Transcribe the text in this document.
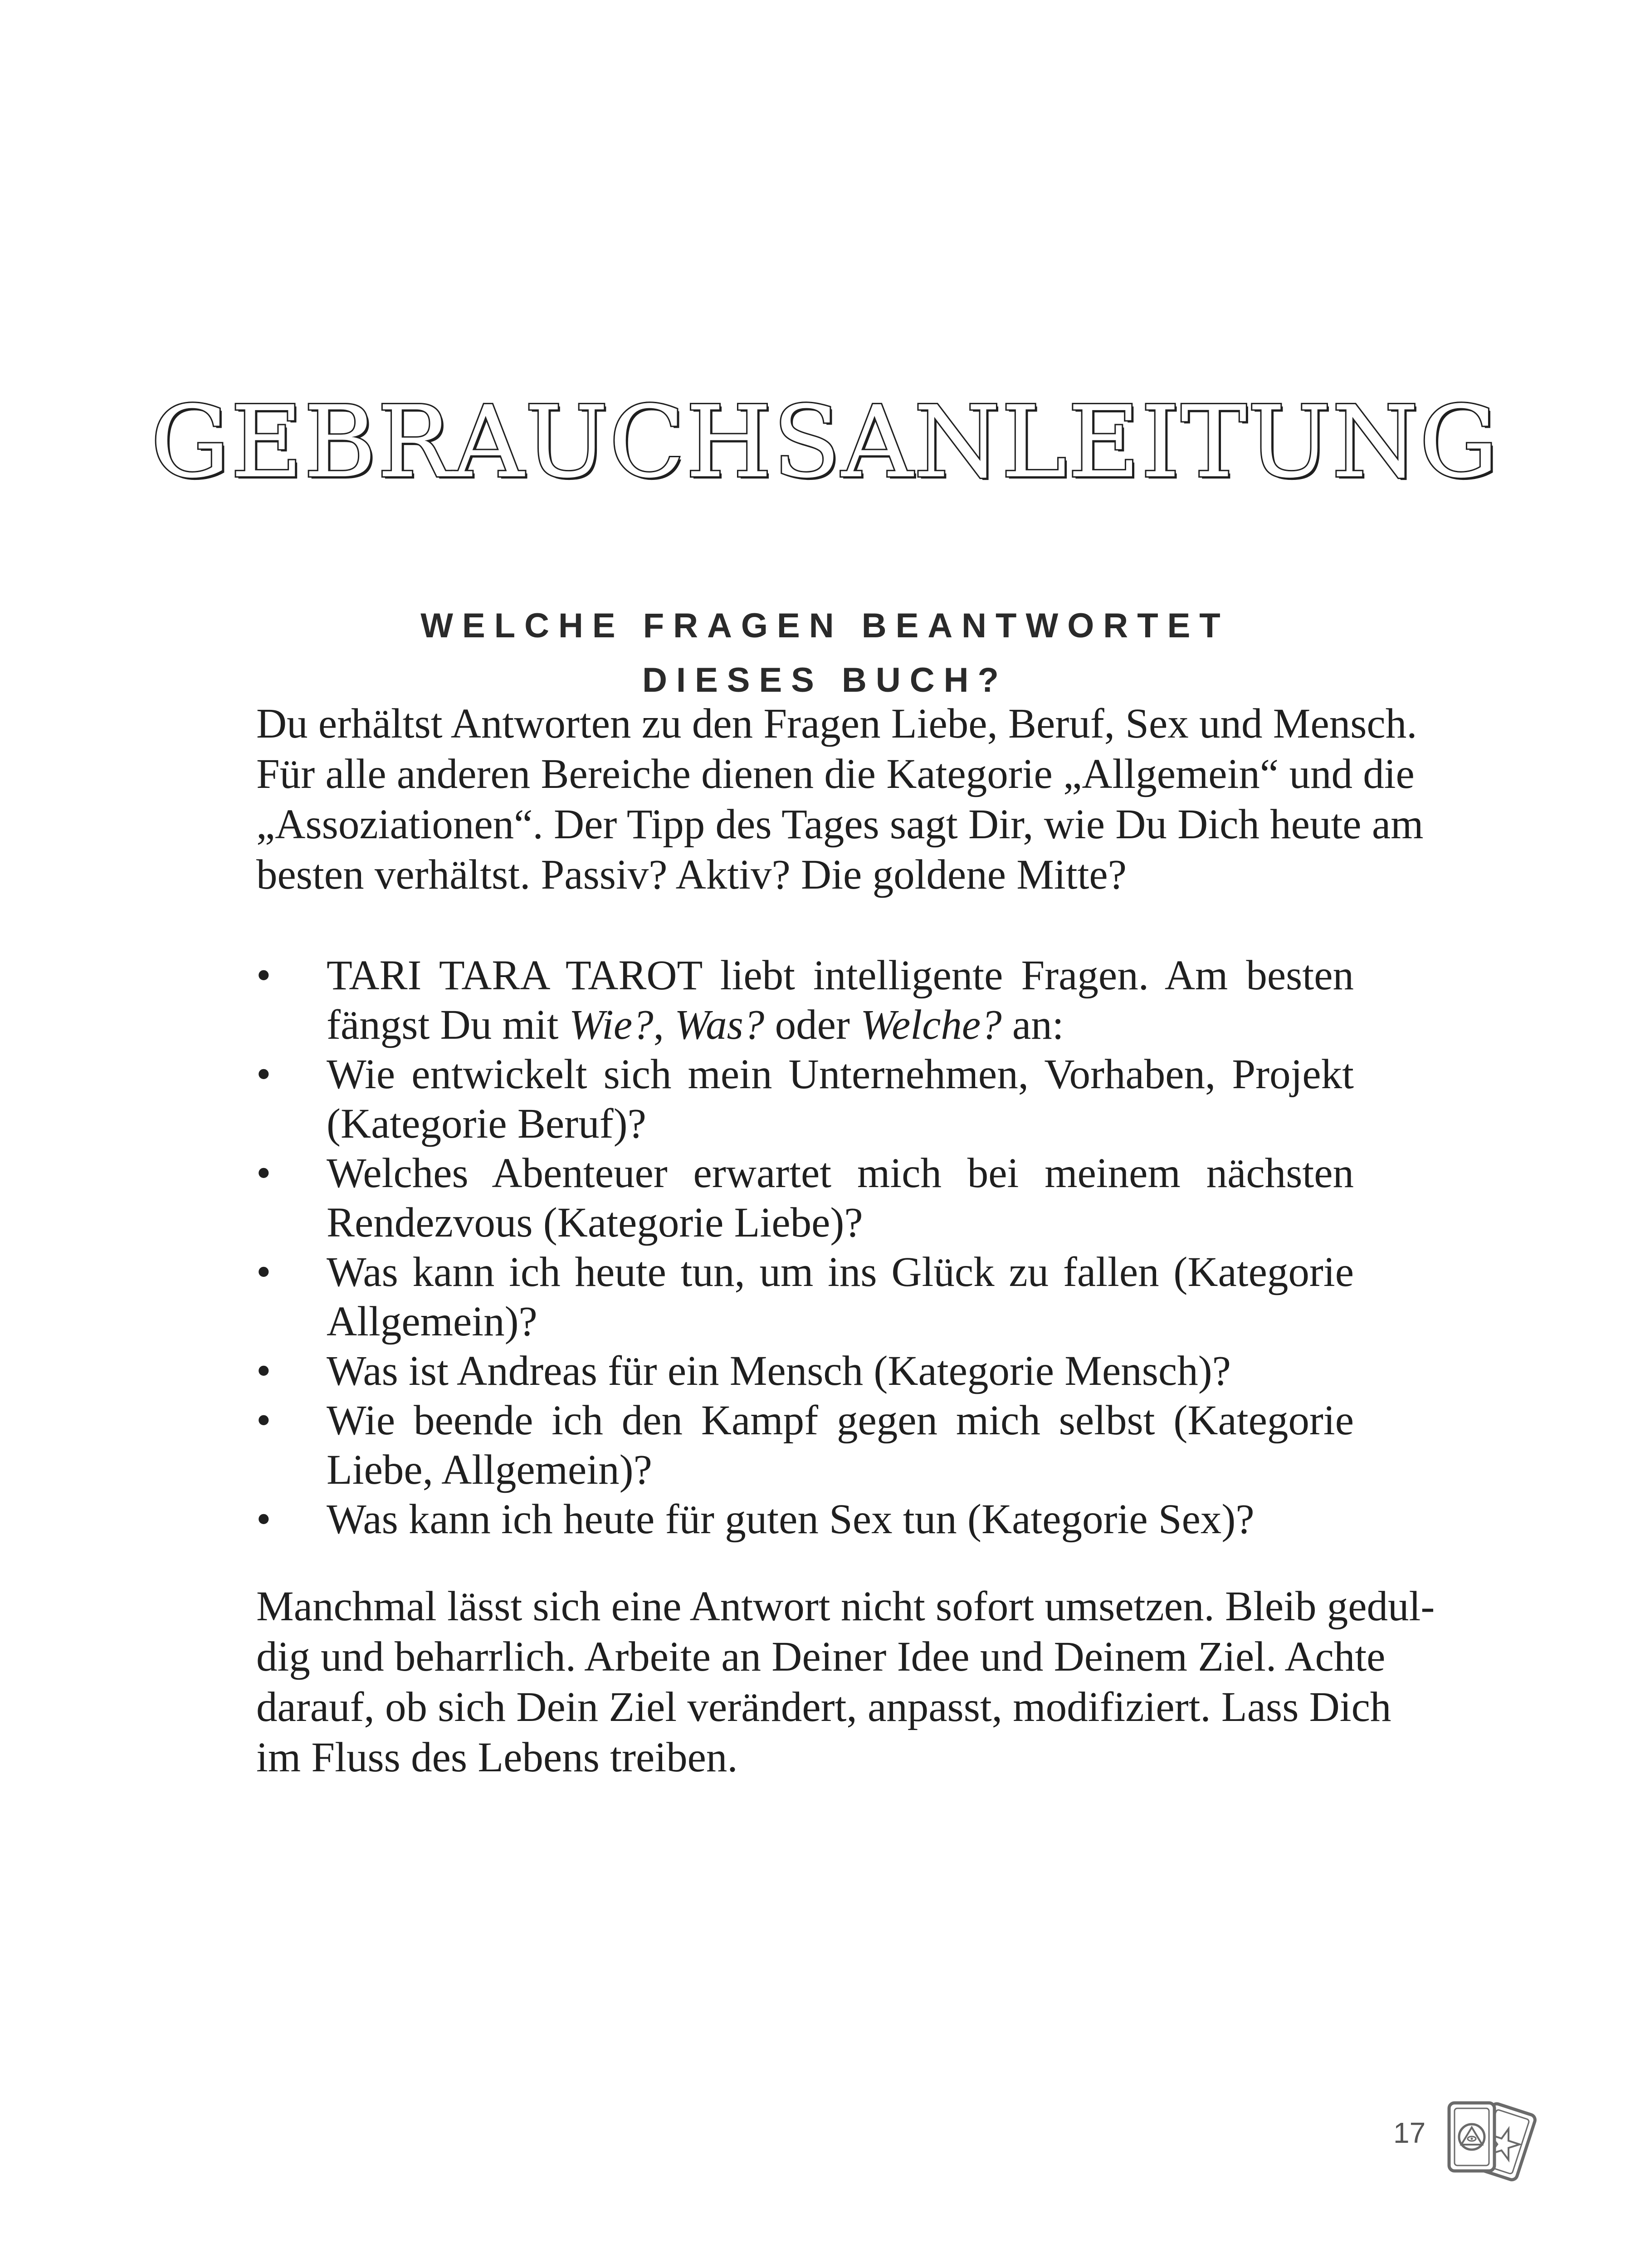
GEBRAUCHSANLEITUNG
WELCHE FRAGEN BEANTWORTET
DIESES BUCH?

Du erhältst Antworten zu den Fragen Liebe, Beruf, Sex und Mensch. Für alle anderen Bereiche dienen die Kategorie „Allgemein“ und die „Assoziationen“. Der Tipp des Tages sagt Dir, wie Du Dich heute am besten verhältst. Passiv? Aktiv? Die goldene Mitte?

• TARI TARA TAROT liebt intelligente Fragen. Am besten fängst Du mit Wie?, Was? oder Welche? an:
• Wie entwickelt sich mein Unternehmen, Vorhaben, Projekt (Kategorie Beruf)?
• Welches Abenteuer erwartet mich bei meinem nächsten Rendezvous (Kategorie Liebe)?
• Was kann ich heute tun, um ins Glück zu fallen (Kategorie Allgemein)?
• Was ist Andreas für ein Mensch (Kategorie Mensch)?
• Wie beende ich den Kampf gegen mich selbst (Kategorie Liebe, Allgemein)?
• Was kann ich heute für guten Sex tun (Kategorie Sex)?

Manchmal lässt sich eine Antwort nicht sofort umsetzen. Bleib geduldig und beharrlich. Arbeite an Deiner Idee und Deinem Ziel. Achte darauf, ob sich Dein Ziel verändert, anpasst, modifiziert. Lass Dich im Fluss des Lebens treiben.

17
